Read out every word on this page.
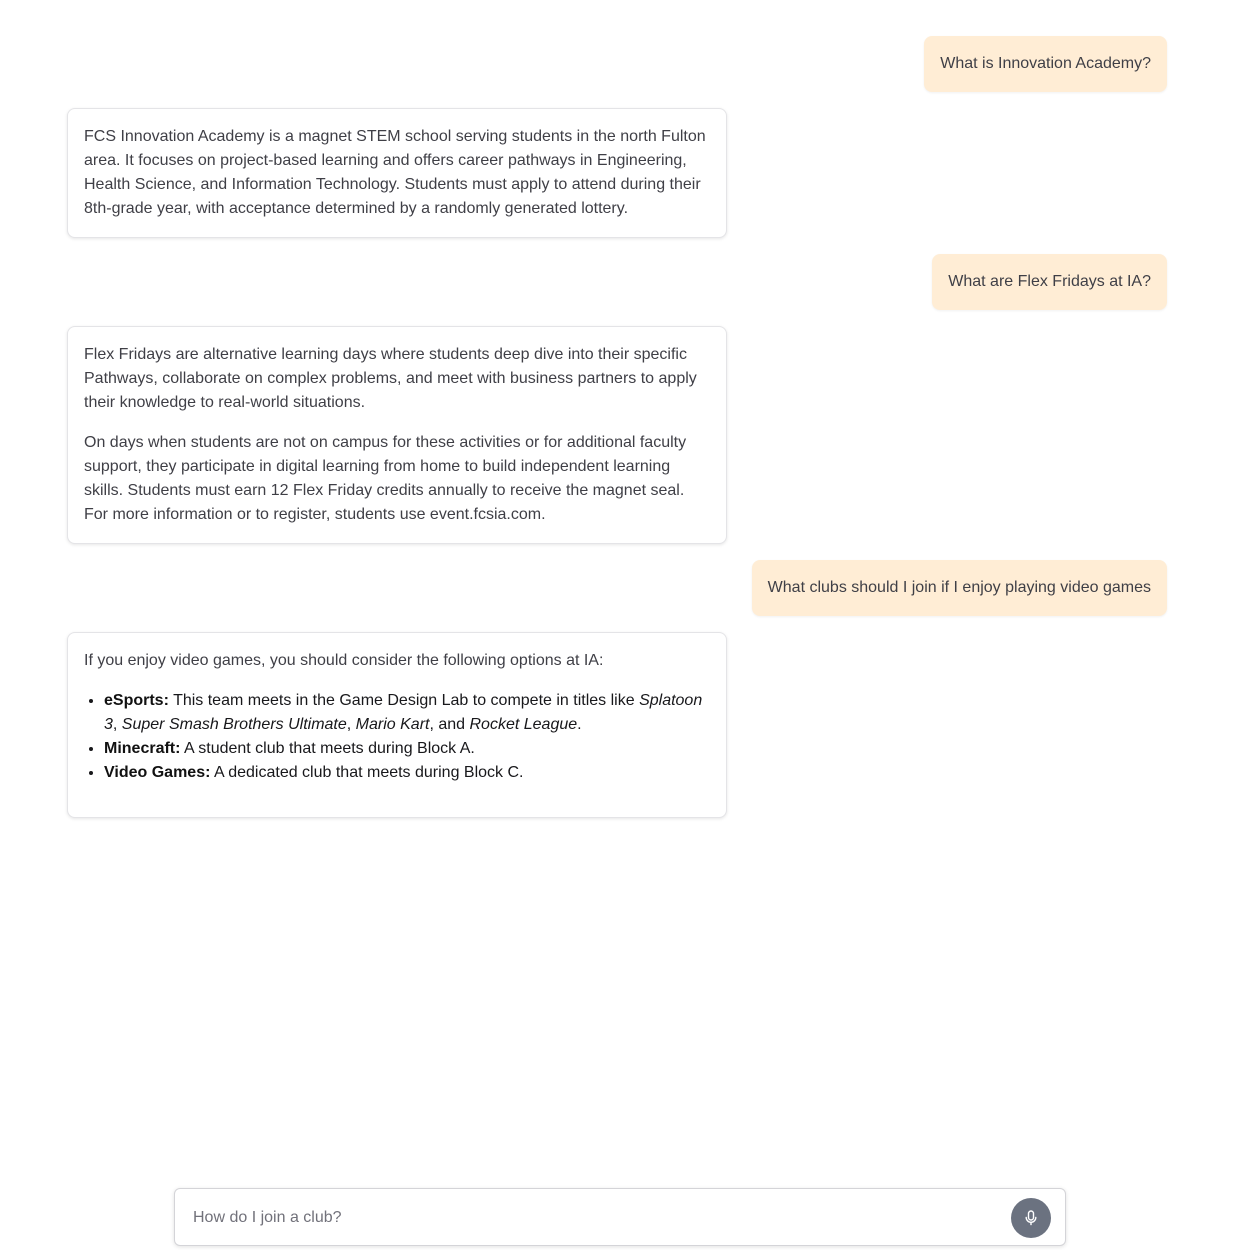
What is Innovation Academy?

FCS Innovation Academy is a magnet STEM school serving students in the north Fulton area. It focuses on project-based learning and offers career pathways in Engineering, Health Science, and Information Technology. Students must apply to attend during their 8th-grade year, with acceptance determined by a randomly generated lottery.

What are Flex Fridays at IA?

Flex Fridays are alternative learning days where students deep dive into their specific Pathways, collaborate on complex problems, and meet with business partners to apply their knowledge to real-world situations.

On days when students are not on campus for these activities or for additional faculty support, they participate in digital learning from home to build independent learning skills. Students must earn 12 Flex Friday credits annually to receive the magnet seal. For more information or to register, students use event.fcsia.com.

What clubs should I join if I enjoy playing video games

If you enjoy video games, you should consider the following options at IA:

• eSports: This team meets in the Game Design Lab to compete in titles like Splatoon 3, Super Smash Brothers Ultimate, Mario Kart, and Rocket League.
• Minecraft: A student club that meets during Block A.
• Video Games: A dedicated club that meets during Block C.
How do I join a club?
